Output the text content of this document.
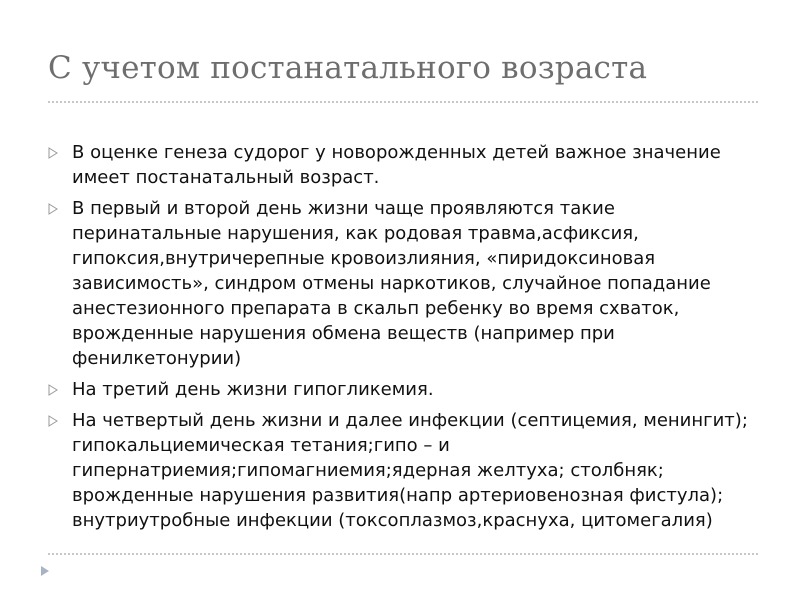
С учетом постанатального возраста
В оценке генеза судорог у новорожденных детей важное значение имеет постанатальный возраст.
В первый и второй день жизни чаще проявляются такие перинатальные нарушения, как родовая травма,асфиксия, гипоксия,внутричерепные кровоизлияния, «пиридоксиновая зависимость», синдром отмены наркотиков, случайное попадание анестезионного препарата в скальп ребенку во время схваток, врожденные нарушения обмена веществ (например при фенилкетонурии)
На третий день жизни гипогликемия.
На четвертый день жизни и далее инфекции (септицемия, менингит); гипокальциемическая тетания;гипо – и гипернатриемия;гипомагниемия;ядерная желтуха; столбняк; врожденные нарушения развития(напр артериовенозная фистула); внутриутробные инфекции (токсоплазмоз,краснуха, цитомегалия)
